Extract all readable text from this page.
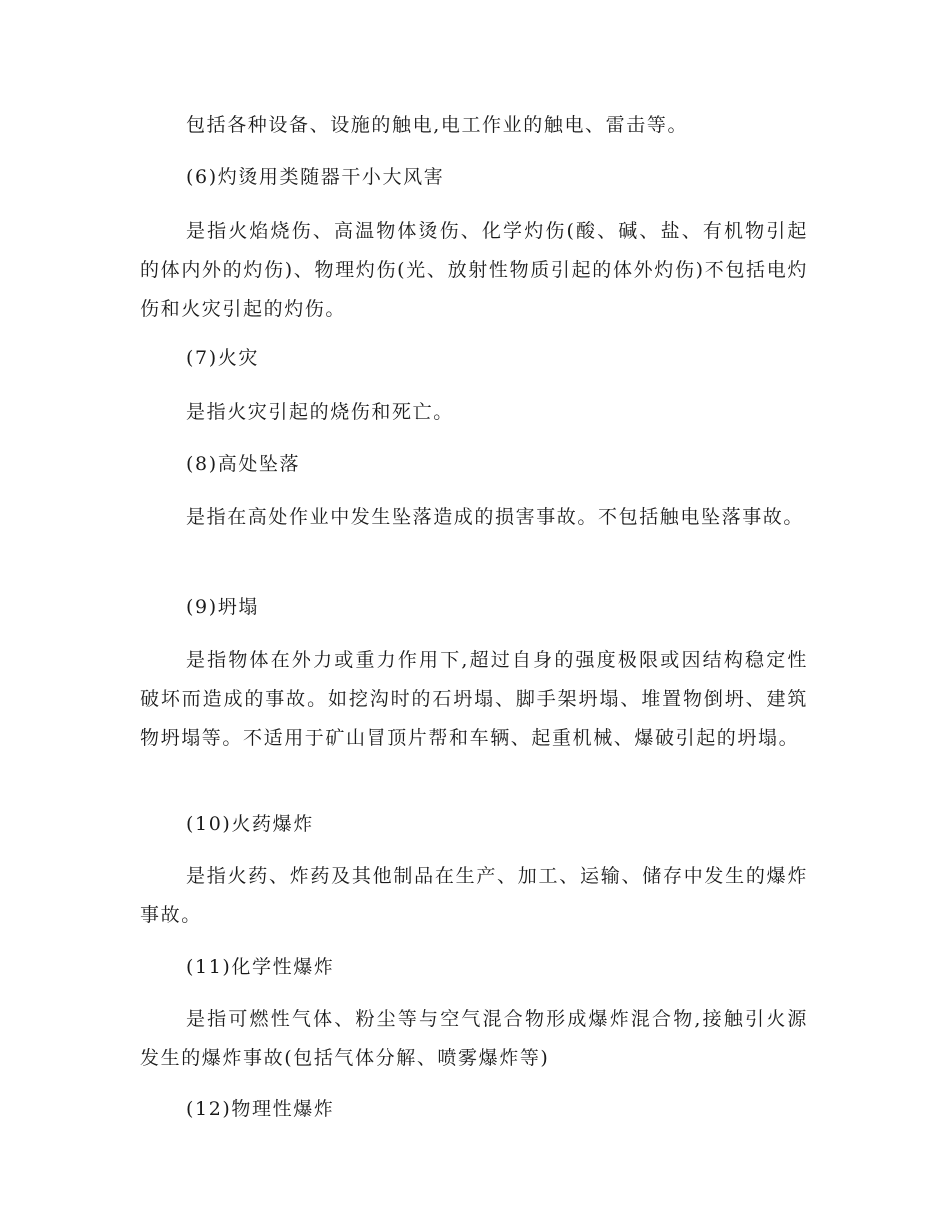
包括各种设备、设施的触电,电工作业的触电、雷击等。

(6)灼烫用类随器干小大风害

是指火焰烧伤、高温物体烫伤、化学灼伤(酸、碱、盐、有机物引起的体内外的灼伤)、物理灼伤(光、放射性物质引起的体外灼伤)不包括电灼伤和火灾引起的灼伤。

(7)火灾

是指火灾引起的烧伤和死亡。

(8)高处坠落

是指在高处作业中发生坠落造成的损害事故。不包括触电坠落事故。

(9)坍塌

是指物体在外力或重力作用下,超过自身的强度极限或因结构稳定性破坏而造成的事故。如挖沟时的石坍塌、脚手架坍塌、堆置物倒坍、建筑物坍塌等。不适用于矿山冒顶片帮和车辆、起重机械、爆破引起的坍塌。

(10)火药爆炸

是指火药、炸药及其他制品在生产、加工、运输、储存中发生的爆炸事故。

(11)化学性爆炸

是指可燃性气体、粉尘等与空气混合物形成爆炸混合物,接触引火源发生的爆炸事故(包括气体分解、喷雾爆炸等)

(12)物理性爆炸
